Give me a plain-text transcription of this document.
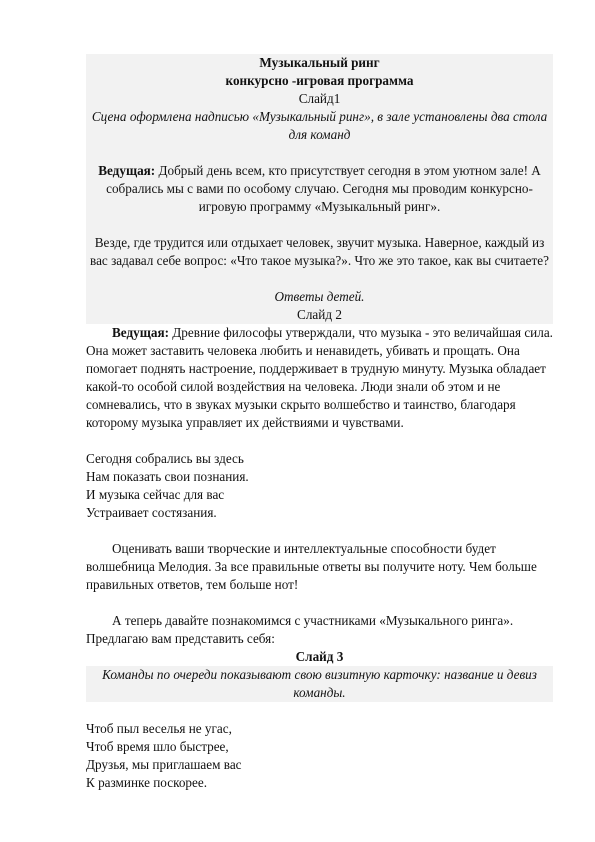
Музыкальный ринг

конкурсно -игровая программа

Слайд1

Сцена оформлена надписью «Музыкальный ринг», в зале установлены два стола для команд

Ведущая: Добрый день всем, кто присутствует сегодня в этом уютном зале! А собрались мы с вами по особому случаю. Сегодня мы проводим конкурсно-игровую программу «Музыкальный ринг».

Везде, где трудится или отдыхает человек, звучит музыка. Наверное, каждый из вас задавал себе вопрос: «Что такое музыка?». Что же это такое, как вы считаете?

Ответы детей.

Слайд 2

Ведущая: Древние философы утверждали, что музыка - это величайшая сила. Она может заставить человека любить и ненавидеть, убивать и прощать. Она помогает поднять настроение, поддерживает в трудную минуту. Музыка обладает какой-то особой силой воздействия на человека. Люди знали об этом и не сомневались, что в звуках музыки скрыто волшебство и таинство, благодаря которому музыка управляет их действиями и чувствами.

Сегодня собрались вы здесь

Нам показать свои познания.

И музыка сейчас для вас

Устраивает состязания.

Оценивать ваши творческие и интеллектуальные способности будет волшебница Мелодия. За все правильные ответы вы получите ноту. Чем больше правильных ответов, тем больше нот!

А теперь давайте познакомимся с участниками «Музыкального ринга». Предлагаю вам представить себя:

Слайд 3

Команды по очереди показывают свою визитную карточку: название и девиз команды.

Чтоб пыл веселья не угас,

Чтоб время шло быстрее,

Друзья, мы приглашаем вас

К разминке поскорее.
